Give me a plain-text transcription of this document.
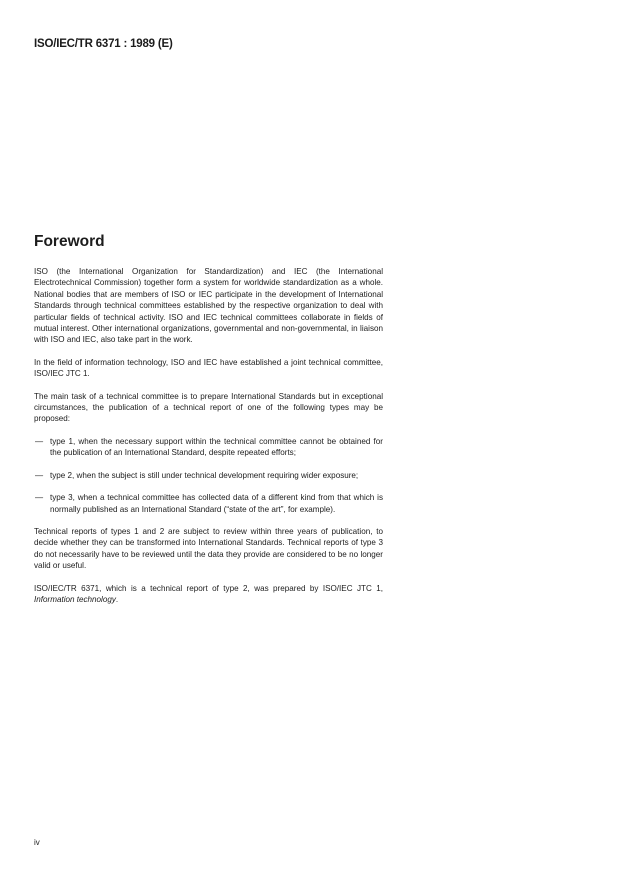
ISO/IEC/TR 6371 : 1989 (E)
Foreword

ISO (the International Organization for Standardization) and IEC (the International Electrotechnical Commission) together form a system for worldwide standardization as a whole. National bodies that are members of ISO or IEC participate in the development of International Standards through technical committees established by the respective organization to deal with particular fields of technical activity. ISO and IEC technical committees collaborate in fields of mutual interest. Other international organizations, governmental and non-governmental, in liaison with ISO and IEC, also take part in the work.

In the field of information technology, ISO and IEC have established a joint technical committee, ISO/IEC JTC 1.

The main task of a technical committee is to prepare International Standards but in exceptional circumstances, the publication of a technical report of one of the following types may be proposed:

— type 1, when the necessary support within the technical committee cannot be obtained for the publication of an International Standard, despite repeated efforts;
— type 2, when the subject is still under technical development requiring wider exposure;
— type 3, when a technical committee has collected data of a different kind from that which is normally published as an International Standard (“state of the art”, for example).

Technical reports of types 1 and 2 are subject to review within three years of publication, to decide whether they can be transformed into International Standards. Technical reports of type 3 do not necessarily have to be reviewed until the data they provide are considered to be no longer valid or useful.

ISO/IEC/TR 6371, which is a technical report of type 2, was prepared by ISO/IEC JTC 1, Information technology.

iv
